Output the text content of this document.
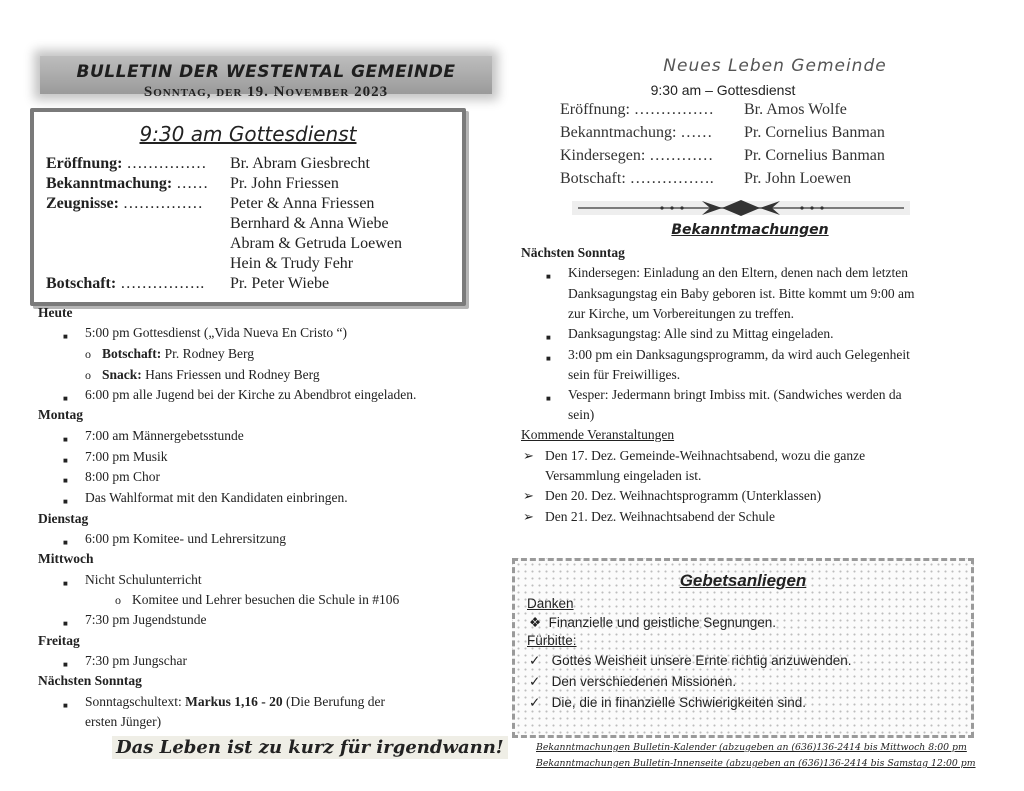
BULLETIN DER WESTENTAL GEMEINDE
Sonntag, der 19. November 2023
9:30 am Gottesdienst
Eröffnung: …………… Br. Abram Giesbrecht
Bekanntmachung: …… Pr. John Friessen
Zeugnisse: …………… Peter & Anna Friessen
Bernhard & Anna Wiebe
Abram & Getruda Loewen
Hein & Trudy Fehr
Botschaft: ……………. Pr. Peter Wiebe
Heute
■ 5:00 pm Gottesdienst („Vida Nueva En Cristo “)
o Botschaft: Pr. Rodney Berg
o Snack: Hans Friessen und Rodney Berg
■ 6:00 pm alle Jugend bei der Kirche zu Abendbrot eingeladen.
Montag
■ 7:00 am Männergebetsstunde
■ 7:00 pm Musik
■ 8:00 pm Chor
■ Das Wahlformat mit den Kandidaten einbringen.
Dienstag
■ 6:00 pm Komitee- und Lehrersitzung
Mittwoch
■ Nicht Schulunterricht
o Komitee und Lehrer besuchen die Schule in #106
■ 7:30 pm Jugendstunde
Freitag
■ 7:30 pm Jungschar
Nächsten Sonntag
■ Sonntagschultext: Markus 1,16 - 20 (Die Berufung der
ersten Jünger)
Das Leben ist zu kurz für irgendwann!
Neues Leben Gemeinde
9:30 am – Gottesdienst
Eröffnung: …………… Br. Amos Wolfe
Bekanntmachung: …… Pr. Cornelius Banman
Kindersegen: ………… Pr. Cornelius Banman
Botschaft: ……………. Pr. John Loewen
Bekanntmachungen
Nächsten Sonntag
■ Kindersegen: Einladung an den Eltern, denen nach dem letzten
Danksagungstag ein Baby geboren ist. Bitte kommt um 9:00 am
zur Kirche, um Vorbereitungen zu treffen.
■ Danksagungstag: Alle sind zu Mittag eingeladen.
■ 3:00 pm ein Danksagungsprogramm, da wird auch Gelegenheit
sein für Freiwilliges.
■ Vesper: Jedermann bringt Imbiss mit. (Sandwiches werden da
sein)
Kommende Veranstaltungen
➢ Den 17. Dez. Gemeinde-Weihnachtsabend, wozu die ganze
Versammlung eingeladen ist.
➢ Den 20. Dez. Weihnachtsprogramm (Unterklassen)
➢ Den 21. Dez. Weihnachtsabend der Schule
Gebetsanliegen
Danken
❖  Finanzielle und geistliche Segnungen.
Fürbitte:
✓   Gottes Weisheit unsere Ernte richtig anzuwenden.
✓   Den verschiedenen Missionen.
✓   Die, die in finanzielle Schwierigkeiten sind.
Bekanntmachungen Bulletin-Kalender (abzugeben an (636)136-2414 bis Mittwoch 8:00 pm
Bekanntmachungen Bulletin-Innenseite (abzugeben an (636)136-2414 bis Samstag 12:00 pm
